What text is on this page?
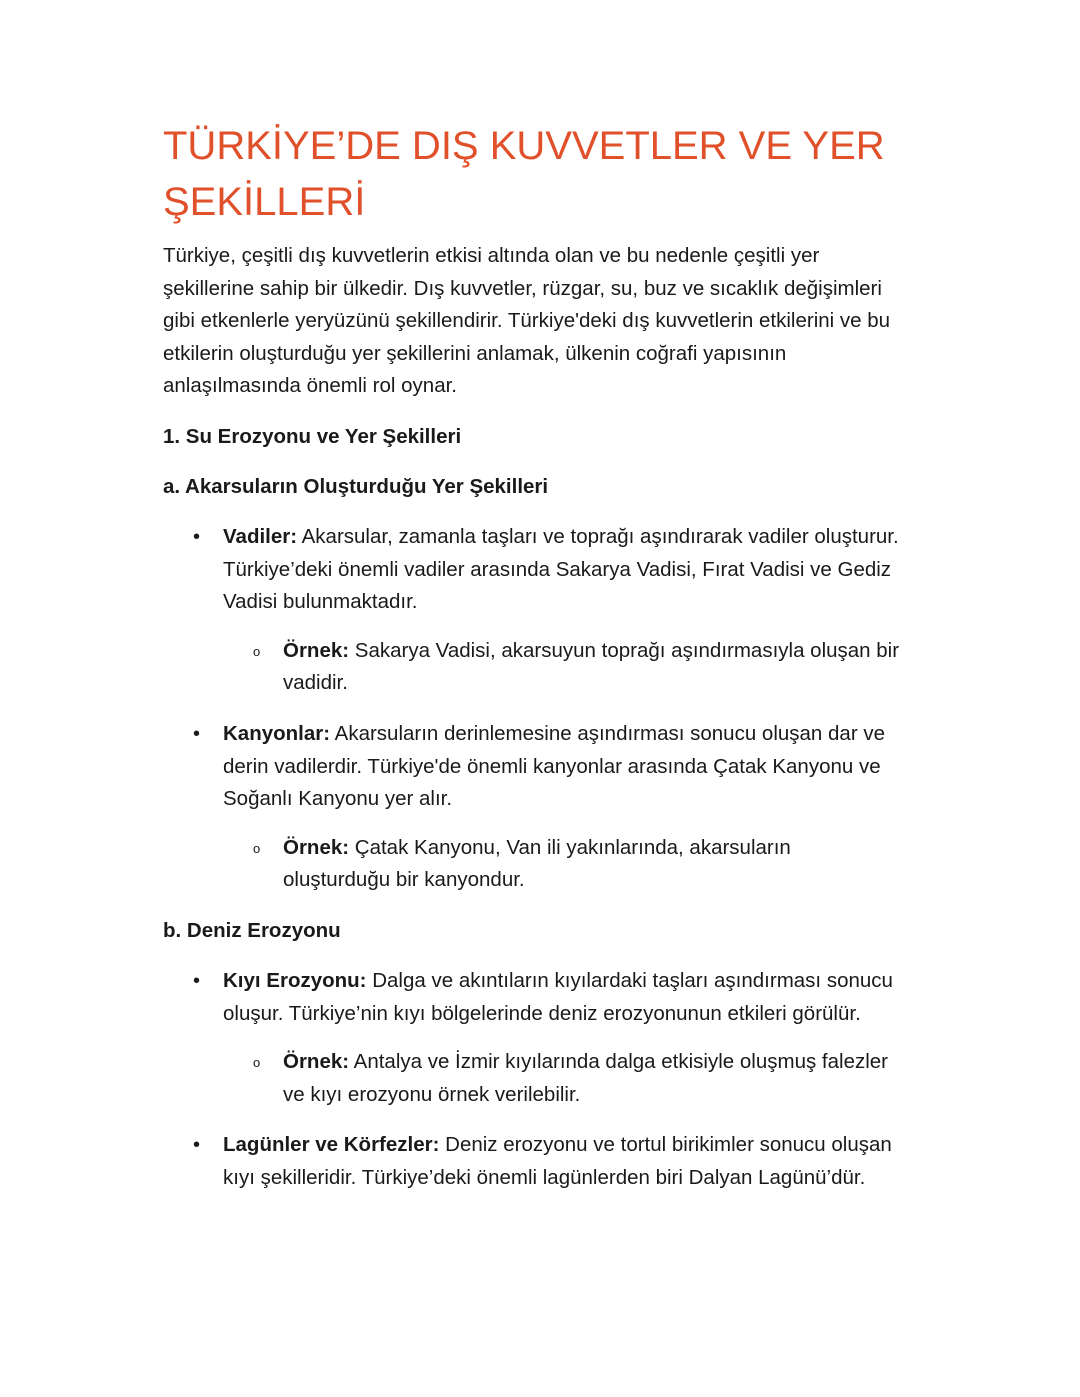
TÜRKİYE’DE DIŞ KUVVETLER VE YER ŞEKİLLERİ

Türkiye, çeşitli dış kuvvetlerin etkisi altında olan ve bu nedenle çeşitli yer şekillerine sahip bir ülkedir. Dış kuvvetler, rüzgar, su, buz ve sıcaklık değişimleri gibi etkenlerle yeryüzünü şekillendirir. Türkiye'deki dış kuvvetlerin etkilerini ve bu etkilerin oluşturduğu yer şekillerini anlamak, ülkenin coğrafi yapısının anlaşılmasında önemli rol oynar.

1. Su Erozyonu ve Yer Şekilleri
a. Akarsuların Oluşturduğu Yer Şekilleri
• Vadiler: Akarsular, zamanla taşları ve toprağı aşındırarak vadiler oluşturur. Türkiye’deki önemli vadiler arasında Sakarya Vadisi, Fırat Vadisi ve Gediz Vadisi bulunmaktadır.
o Örnek: Sakarya Vadisi, akarsuyun toprağı aşındırmasıyla oluşan bir vadidir.
• Kanyonlar: Akarsuların derinlemesine aşındırması sonucu oluşan dar ve derin vadilerdir. Türkiye'de önemli kanyonlar arasında Çatak Kanyonu ve Soğanlı Kanyonu yer alır.
o Örnek: Çatak Kanyonu, Van ili yakınlarında, akarsuların oluşturduğu bir kanyondur.
b. Deniz Erozyonu
• Kıyı Erozyonu: Dalga ve akıntıların kıyılardaki taşları aşındırması sonucu oluşur. Türkiye’nin kıyı bölgelerinde deniz erozyonunun etkileri görülür.
o Örnek: Antalya ve İzmir kıyılarında dalga etkisiyle oluşmuş falezler ve kıyı erozyonu örnek verilebilir.
• Lagünler ve Körfezler: Deniz erozyonu ve tortul birikimler sonucu oluşan kıyı şekilleridir. Türkiye’deki önemli lagünlerden biri Dalyan Lagünü’dür.
